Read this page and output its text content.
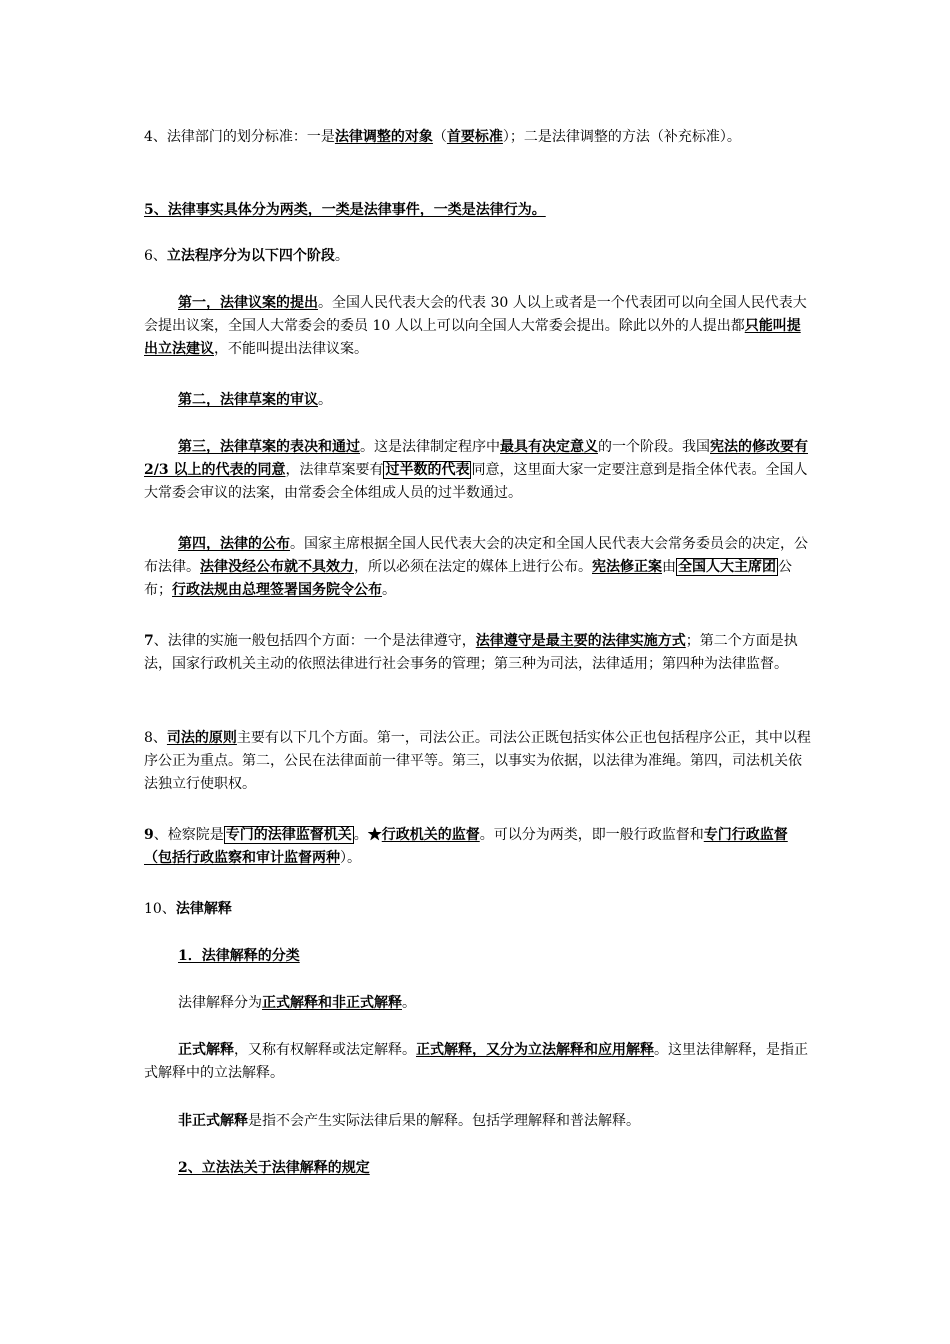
4、法律部门的划分标准：一是法律调整的对象（首要标准）；二是法律调整的方法（补充标准）。

5、法律事实具体分为两类，一类是法律事件，一类是法律行为。

6、立法程序分为以下四个阶段。

第一，法律议案的提出。全国人民代表大会的代表 30 人以上或者是一个代表团可以向全国人民代表大会提出议案，全国人大常委会的委员 10 人以上可以向全国人大常委会提出。除此以外的人提出都只能叫提出立法建议，不能叫提出法律议案。

第二，法律草案的审议。

第三，法律草案的表决和通过。这是法律制定程序中最具有决定意义的一个阶段。我国宪法的修改要有 2/3 以上的代表的同意，法律草案要有 过半数的代表 同意，这里面大家一定要注意到是指全体代表。全国人大常委会审议的法案，由常委会全体组成人员的过半数通过。

第四，法律的公布。国家主席根据全国人民代表大会的决定和全国人民代表大会常务委员会的决定，公布法律。法律没经公布就不具效力，所以必须在法定的媒体上进行公布。宪法修正案由 全国人大主席团 公布；行政法规由总理签署国务院令公布。

7、法律的实施一般包括四个方面：一个是法律遵守，法律遵守是最主要的法律实施方式；第二个方面是执法，国家行政机关主动的依照法律进行社会事务的管理；第三种为司法，法律适用；第四种为法律监督。

8、司法的原则主要有以下几个方面。第一，司法公正。司法公正既包括实体公正也包括程序公正，其中以程序公正为重点。第二，公民在法律面前一律平等。第三，以事实为依据，以法律为准绳。第四，司法机关依法独立行使职权。

9、检察院是 专门的法律监督机关 。★行政机关的监督。可以分为两类，即一般行政监督和专门行政监督（包括行政监察和审计监督两种）。

10、法律解释

1．法律解释的分类

法律解释分为正式解释和非正式解释。

正式解释，又称有权解释或法定解释。正式解释，又分为立法解释和应用解释。这里法律解释，是指正式解释中的立法解释。

非正式解释是指不会产生实际法律后果的解释。包括学理解释和普法解释。

2、立法法关于法律解释的规定
